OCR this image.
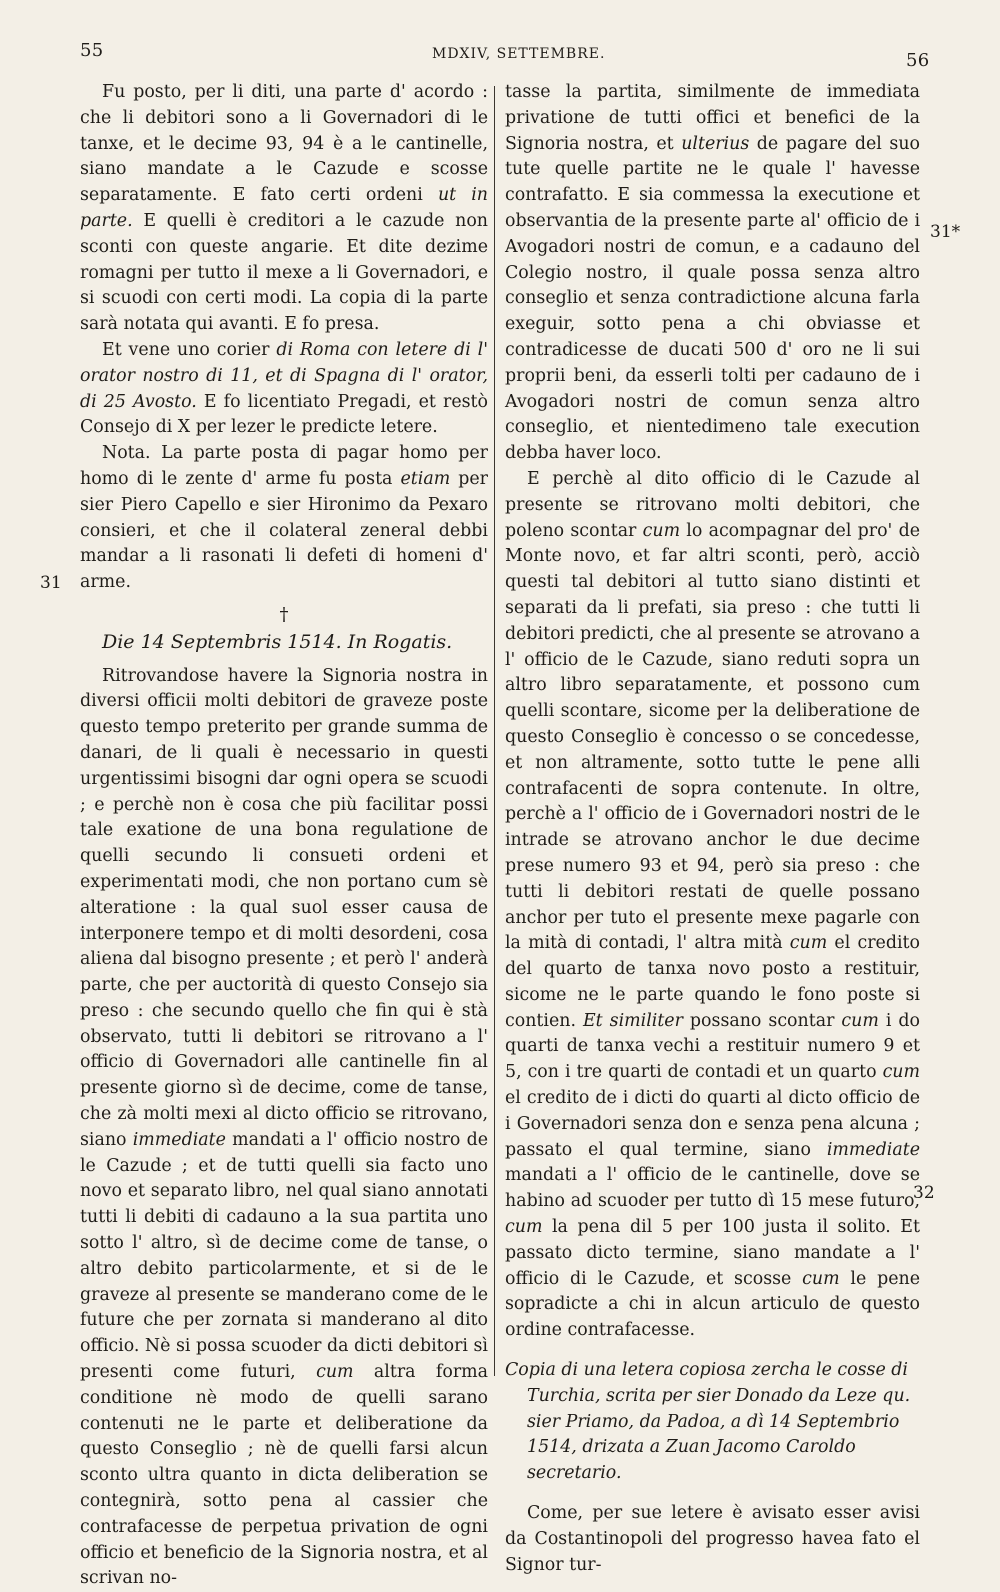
55	MDXIV, SETTEMBRE.	56
31
31*
32

Fu posto, per li diti, una parte d' acordo : che li debitori sono a li Governadori di le tanxe, et le decime 93, 94 è a le cantinelle, siano mandate a le Cazude e scosse separatamente. E fato certi ordeni ut in parte. E quelli è creditori a le cazude non sconti con queste angarie. Et dite dezime romagni per tutto il mexe a li Governadori, e si scuodi con certi modi. La copia di la parte sarà notata qui avanti. E fo presa.

Et vene uno corier di Roma con letere di l' orator nostro di 11, et di Spagna di l' orator, di 25 Avosto. E fo licentiato Pregadi, et restò Consejo di X per lezer le predicte letere.

Nota. La parte posta di pagar homo per homo di le zente d' arme fu posta etiam per sier Piero Capello e sier Hironimo da Pexaro consieri, et che il colateral zeneral debbi mandar a li rasonati li defeti di homeni d' arme.

†

Die 14 Septembris 1514. In Rogatis.

Ritrovandose havere la Signoria nostra in diversi officii molti debitori de graveze poste questo tempo preterito per grande summa de danari, de li quali è necessario in questi urgentissimi bisogni dar ogni opera se scuodi ; e perchè non è cosa che più facilitar possi tale exatione de una bona regulatione de quelli secundo li consueti ordeni et experimentati modi, che non portano cum sè alteratione : la qual suol esser causa de interponere tempo et di molti desordeni, cosa aliena dal bisogno presente ; et però l' anderà parte, che per auctorità di questo Consejo sia preso : che secundo quello che fin qui è stà observato, tutti li debitori se ritrovano a l' officio di Governadori alle cantinelle fin al presente giorno sì de decime, come de tanse, che zà molti mexi al dicto officio se ritrovano, siano immediate mandati a l' officio nostro de le Cazude ; et de tutti quelli sia facto uno novo et separato libro, nel qual siano annotati tutti li debiti di cadauno a la sua partita uno sotto l' altro, sì de decime come de tanse, o altro debito particolarmente, et si de le graveze al presente se manderano come de le future che per zornata si manderano al dito officio. Nè si possa scuoder da dicti debitori sì presenti come futuri, cum altra forma conditione nè modo de quelli sarano contenuti ne le parte et deliberatione da questo Conseglio ; nè de quelli farsi alcun sconto ultra quanto in dicta deliberation se contegnirà, sotto pena al cassier che contrafacesse de perpetua privation de ogni officio et beneficio de la Signoria nostra, et al scrivan no-

tasse la partita, similmente de immediata privatione de tutti offici et benefici de la Signoria nostra, et ulterius de pagare del suo tute quelle partite ne le quale l' havesse contrafatto. E sia commessa la executione et observantia de la presente parte al' officio de i Avogadori nostri de comun, e a cadauno del Colegio nostro, il quale possa senza altro conseglio et senza contradictione alcuna farla exeguir, sotto pena a chi obviasse et contradicesse de ducati 500 d' oro ne li sui proprii beni, da esserli tolti per cadauno de i Avogadori nostri de comun senza altro conseglio, et nientedimeno tale execution debba haver loco.

E perchè al dito officio di le Cazude al presente se ritrovano molti debitori, che poleno scontar cum lo acompagnar del pro' de Monte novo, et far altri sconti, però, acciò questi tal debitori al tutto siano distinti et separati da li prefati, sia preso : che tutti li debitori predicti, che al presente se atrovano a l' officio de le Cazude, siano reduti sopra un altro libro separatamente, et possono cum quelli scontare, sicome per la deliberatione de questo Conseglio è concesso o se concedesse, et non altramente, sotto tutte le pene alli contrafacenti de sopra contenute. In oltre, perchè a l' officio de i Governadori nostri de le intrade se atrovano anchor le due decime prese numero 93 et 94, però sia preso : che tutti li debitori restati de quelle possano anchor per tuto el presente mexe pagarle con la mità di contadi, l' altra mità cum el credito del quarto de tanxa novo posto a restituir, sicome ne le parte quando le fono poste si contien. Et similiter possano scontar cum i do quarti de tanxa vechi a restituir numero 9 et 5, con i tre quarti de contadi et un quarto cum el credito de i dicti do quarti al dicto officio de i Governadori senza don e senza pena alcuna ; passato el qual termine, siano immediate mandati a l' officio de le cantinelle, dove se habino ad scuoder per tutto dì 15 mese futuro, cum la pena dil 5 per 100 justa il solito. Et passato dicto termine, siano mandate a l' officio di le Cazude, et scosse cum le pene sopradicte a chi in alcun articulo de questo ordine contrafacesse.

Copia di una letera copiosa zercha le cosse di Turchia, scrita per sier Donado da Leze qu. sier Priamo, da Padoa, a dì 14 Septembrio 1514, drizata a Zuan Jacomo Caroldo secretario.

Come, per sue letere è avisato esser avisi da Costantinopoli del progresso havea fato el Signor tur-
